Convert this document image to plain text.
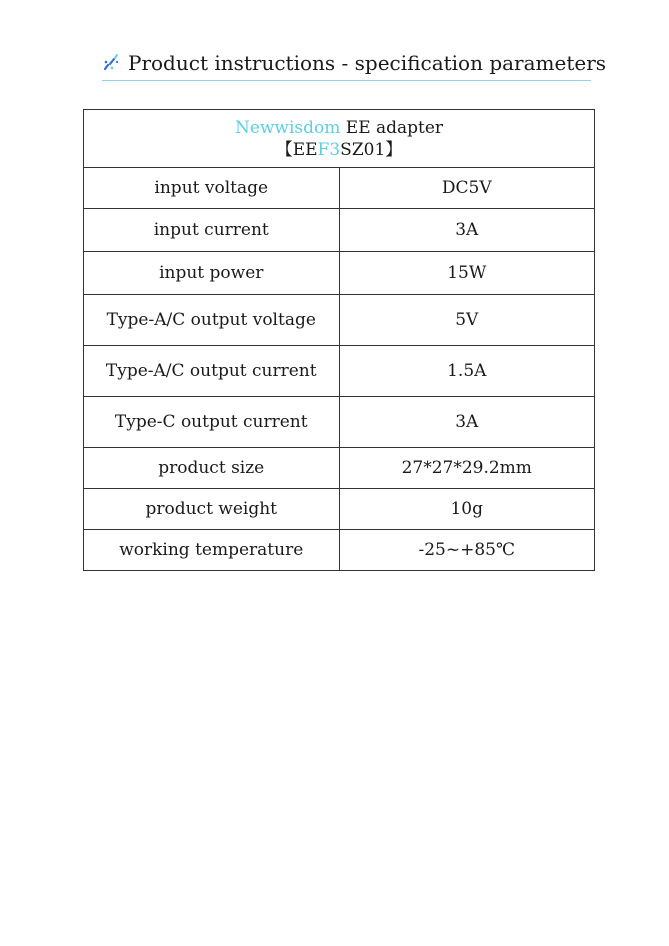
Product instructions - specification parameters
Newwisdom EE adapter
【EEF3SZ01】	
input voltage	DC5V
input current	3A
input power	15W
Type-A/C output voltage	5V
Type-A/C output current	1.5A
Type-C output current	3A
product size	27*27*29.2mm
product weight	10g
working temperature	-25~+85℃
